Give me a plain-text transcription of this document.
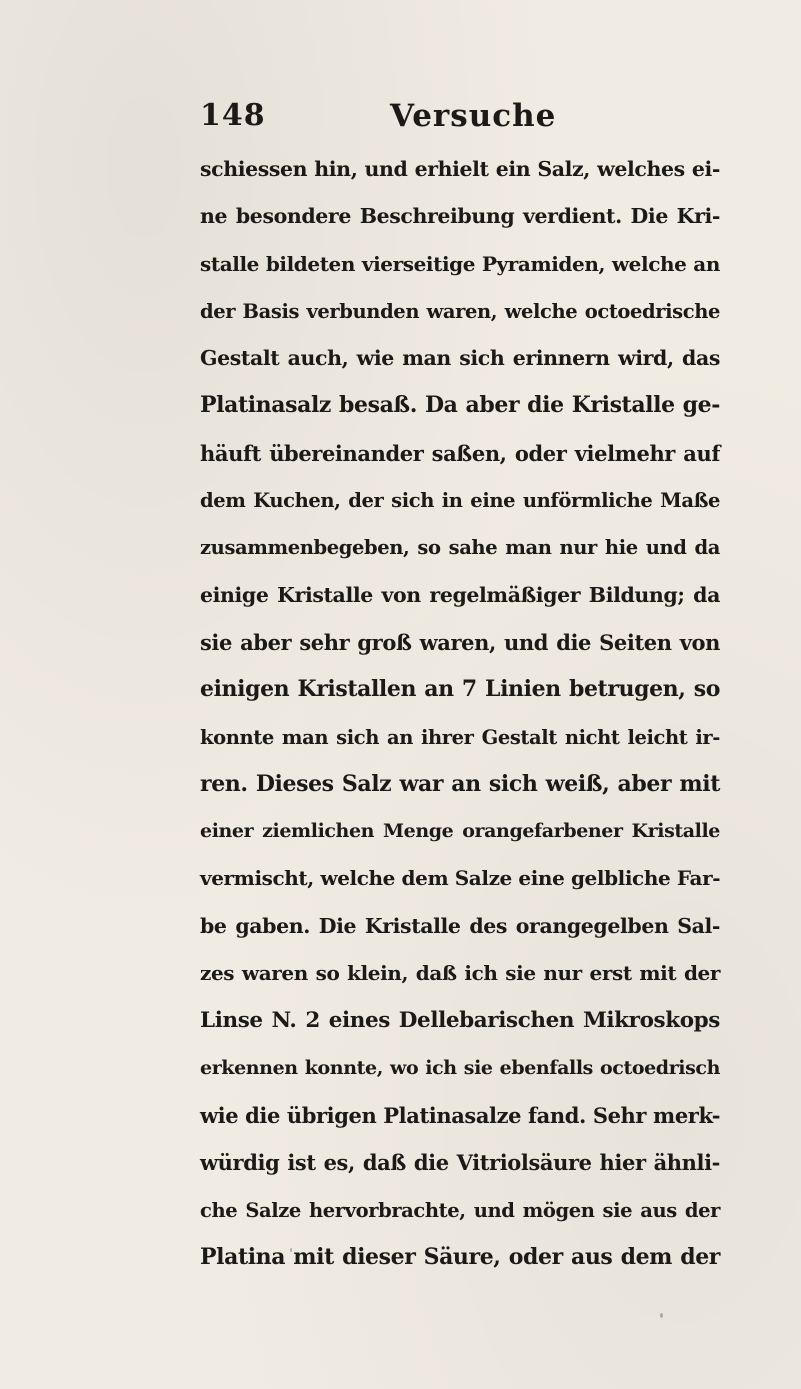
148	Versuche
schiessen hin, und erhielt ein Salz, welches ei-
ne besondere Beschreibung verdient. Die Kri-
stalle bildeten vierseitige Pyramiden, welche an
der Basis verbunden waren, welche octoedrische
Gestalt auch, wie man sich erinnern wird, das
Platinasalz besaß. Da aber die Kristalle ge-
häuft übereinander saßen, oder vielmehr auf
dem Kuchen, der sich in eine unförmliche Maße
zusammenbegeben, so sahe man nur hie und da
einige Kristalle von regelmäßiger Bildung; da
sie aber sehr groß waren, und die Seiten von
einigen Kristallen an 7 Linien betrugen, so
konnte man sich an ihrer Gestalt nicht leicht ir-
ren. Dieses Salz war an sich weiß, aber mit
einer ziemlichen Menge orangefarbener Kristalle
vermischt, welche dem Salze eine gelbliche Far-
be gaben. Die Kristalle des orangegelben Sal-
zes waren so klein, daß ich sie nur erst mit der
Linse N. 2 eines Dellebarischen Mikroskops
erkennen konnte, wo ich sie ebenfalls octoedrisch
wie die übrigen Platinasalze fand. Sehr merk-
würdig ist es, daß die Vitriolsäure hier ähnli-
che Salze hervorbrachte, und mögen sie aus der
Platina mit dieser Säure, oder aus dem der
